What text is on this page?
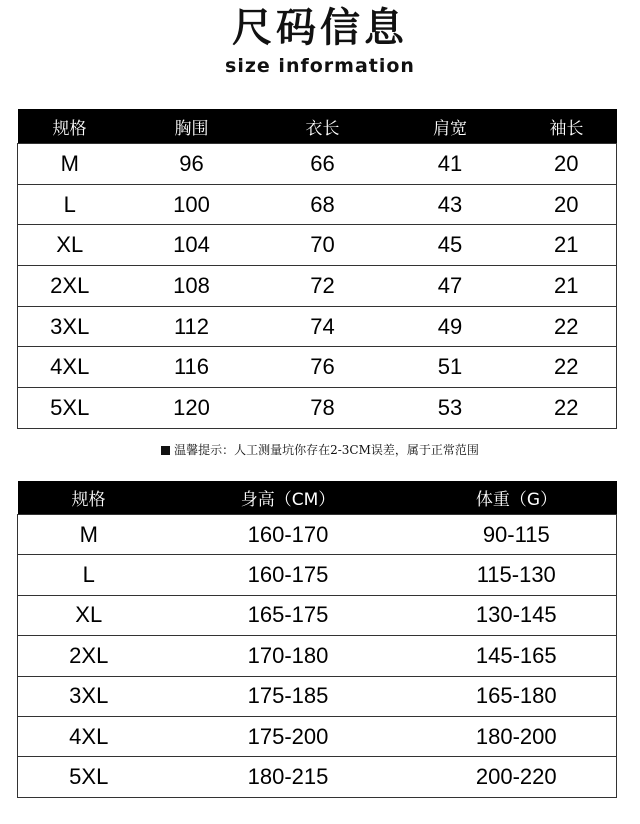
尺码信息
size information
规格	胸围	衣长	肩宽	袖长
M	96	66	41	20
L	100	68	43	20
XL	104	70	45	21
2XL	108	72	47	21
3XL	112	74	49	22
4XL	116	76	51	22
5XL	120	78	53	22
温馨提示：人工测量坑你存在2-3CM误差，属于正常范围
规格	身高（CM）	体重（G）
M	160-170	90-115
L	160-175	115-130
XL	165-175	130-145
2XL	170-180	145-165
3XL	175-185	165-180
4XL	175-200	180-200
5XL	180-215	200-220
